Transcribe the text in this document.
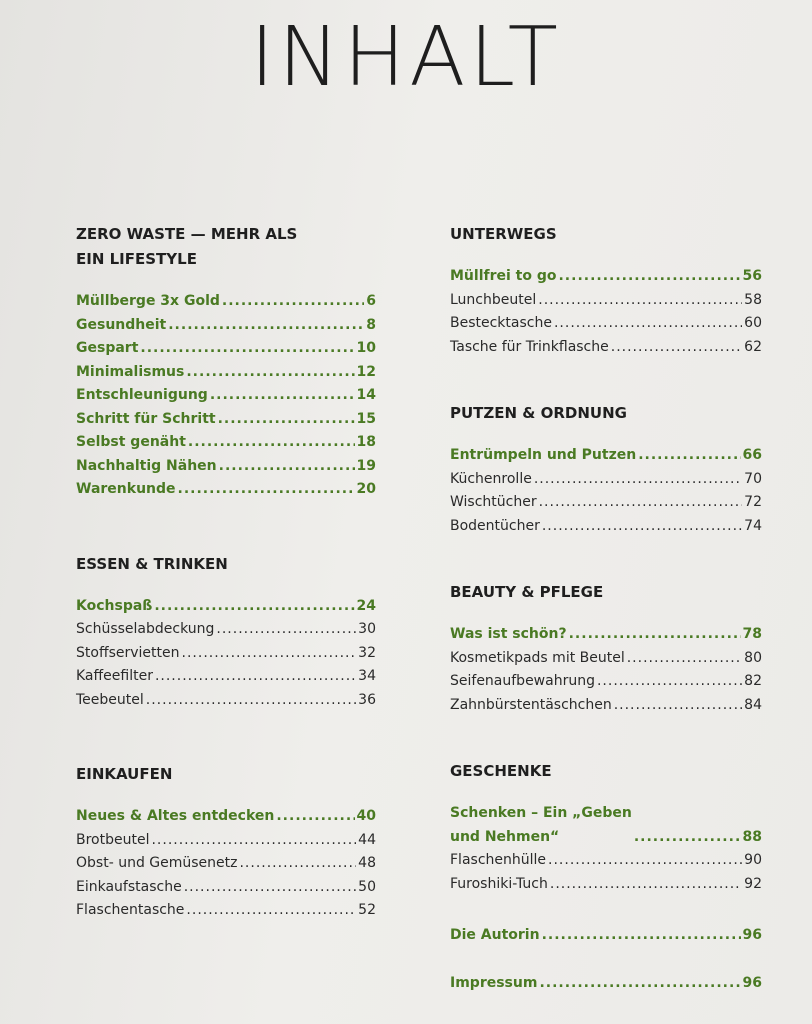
INHALT
ZERO WASTE — MEHR ALS
EIN LIFESTYLE
Müllberge 3x Gold .....	6
Gesundheit .....	8
Gespart .....	10
Minimalismus .....	12
Entschleunigung .....	14
Schritt für Schritt .....	15
Selbst genäht .....	18
Nachhaltig Nähen .....	19
Warenkunde .....	20
ESSEN & TRINKEN
Kochspaß .....	24
Schüsselabdeckung .....	30
Stoffservietten .....	32
Kaffeefilter .....	34
Teebeutel .....	36
EINKAUFEN
Neues & Altes entdecken .....	40
Brotbeutel .....	44
Obst- und Gemüsenetz .....	48
Einkaufstasche .....	50
Flaschentasche .....	52
UNTERWEGS
Müllfrei to go .....	56
Lunchbeutel .....	58
Bestecktasche .....	60
Tasche für Trinkflasche .....	62
PUTZEN & ORDNUNG
Entrümpeln und Putzen .....	66
Küchenrolle .....	70
Wischtücher .....	72
Bodentücher .....	74
BEAUTY & PFLEGE
Was ist schön? .....	78
Kosmetikpads mit Beutel .....	80
Seifenaufbewahrung .....	82
Zahnbürstentäschchen .....	84
GESCHENKE
Schenken – Ein „Geben
und Nehmen“ .....	88
Flaschenhülle .....	90
Furoshiki-Tuch .....	92
Die Autorin .....	96
Impressum .....	96
